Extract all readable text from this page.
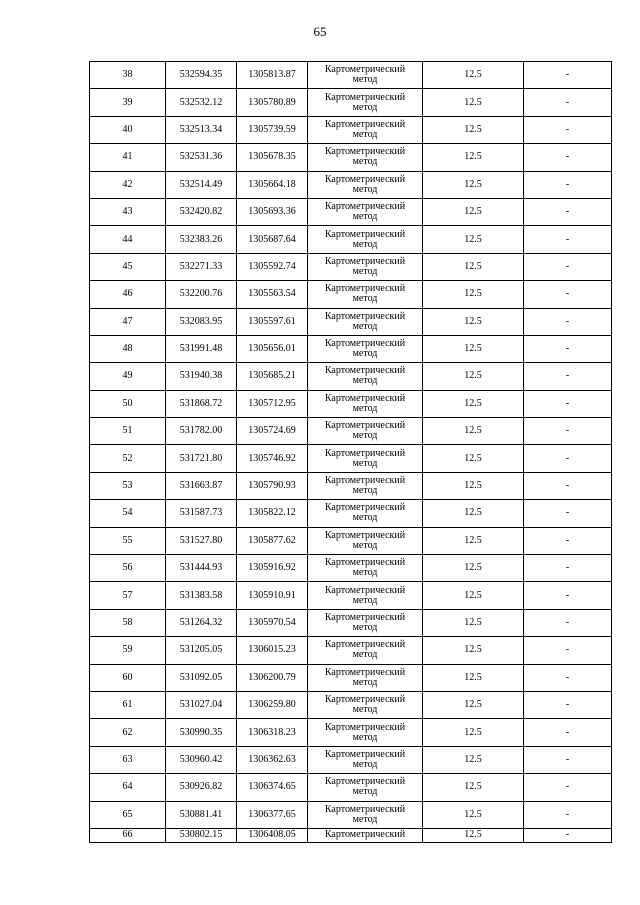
65
38	532594.35	1305813.87	Картометрический
метод	12.5	-
39	532532.12	1305780.89	Картометрический
метод	12.5	-
40	532513.34	1305739.59	Картометрический
метод	12.5	-
41	532531.36	1305678.35	Картометрический
метод	12.5	-
42	532514.49	1305664.18	Картометрический
метод	12.5	-
43	532420.82	1305693.36	Картометрический
метод	12.5	-
44	532383.26	1305687.64	Картометрический
метод	12.5	-
45	532271.33	1305592.74	Картометрический
метод	12.5	-
46	532200.76	1305563.54	Картометрический
метод	12.5	-
47	532083.95	1305597.61	Картометрический
метод	12.5	-
48	531991.48	1305656.01	Картометрический
метод	12.5	-
49	531940.38	1305685.21	Картометрический
метод	12.5	-
50	531868.72	1305712.95	Картометрический
метод	12.5	-
51	531782.00	1305724.69	Картометрический
метод	12.5	-
52	531721.80	1305746.92	Картометрический
метод	12.5	-
53	531663.87	1305790.93	Картометрический
метод	12.5	-
54	531587.73	1305822.12	Картометрический
метод	12.5	-
55	531527.80	1305877.62	Картометрический
метод	12.5	-
56	531444.93	1305916.92	Картометрический
метод	12.5	-
57	531383.58	1305910.91	Картометрический
метод	12.5	-
58	531264.32	1305970.54	Картометрический
метод	12.5	-
59	531205.05	1306015.23	Картометрический
метод	12.5	-
60	531092.05	1306200.79	Картометрический
метод	12.5	-
61	531027.04	1306259.80	Картометрический
метод	12.5	-
62	530990.35	1306318.23	Картометрический
метод	12.5	-
63	530960.42	1306362.63	Картометрический
метод	12.5	-
64	530926.82	1306374.65	Картометрический
метод	12.5	-
65	530881.41	1306377.65	Картометрический
метод	12.5	-
66	530802.15	1306408.05	Картометрический	12.5	-
